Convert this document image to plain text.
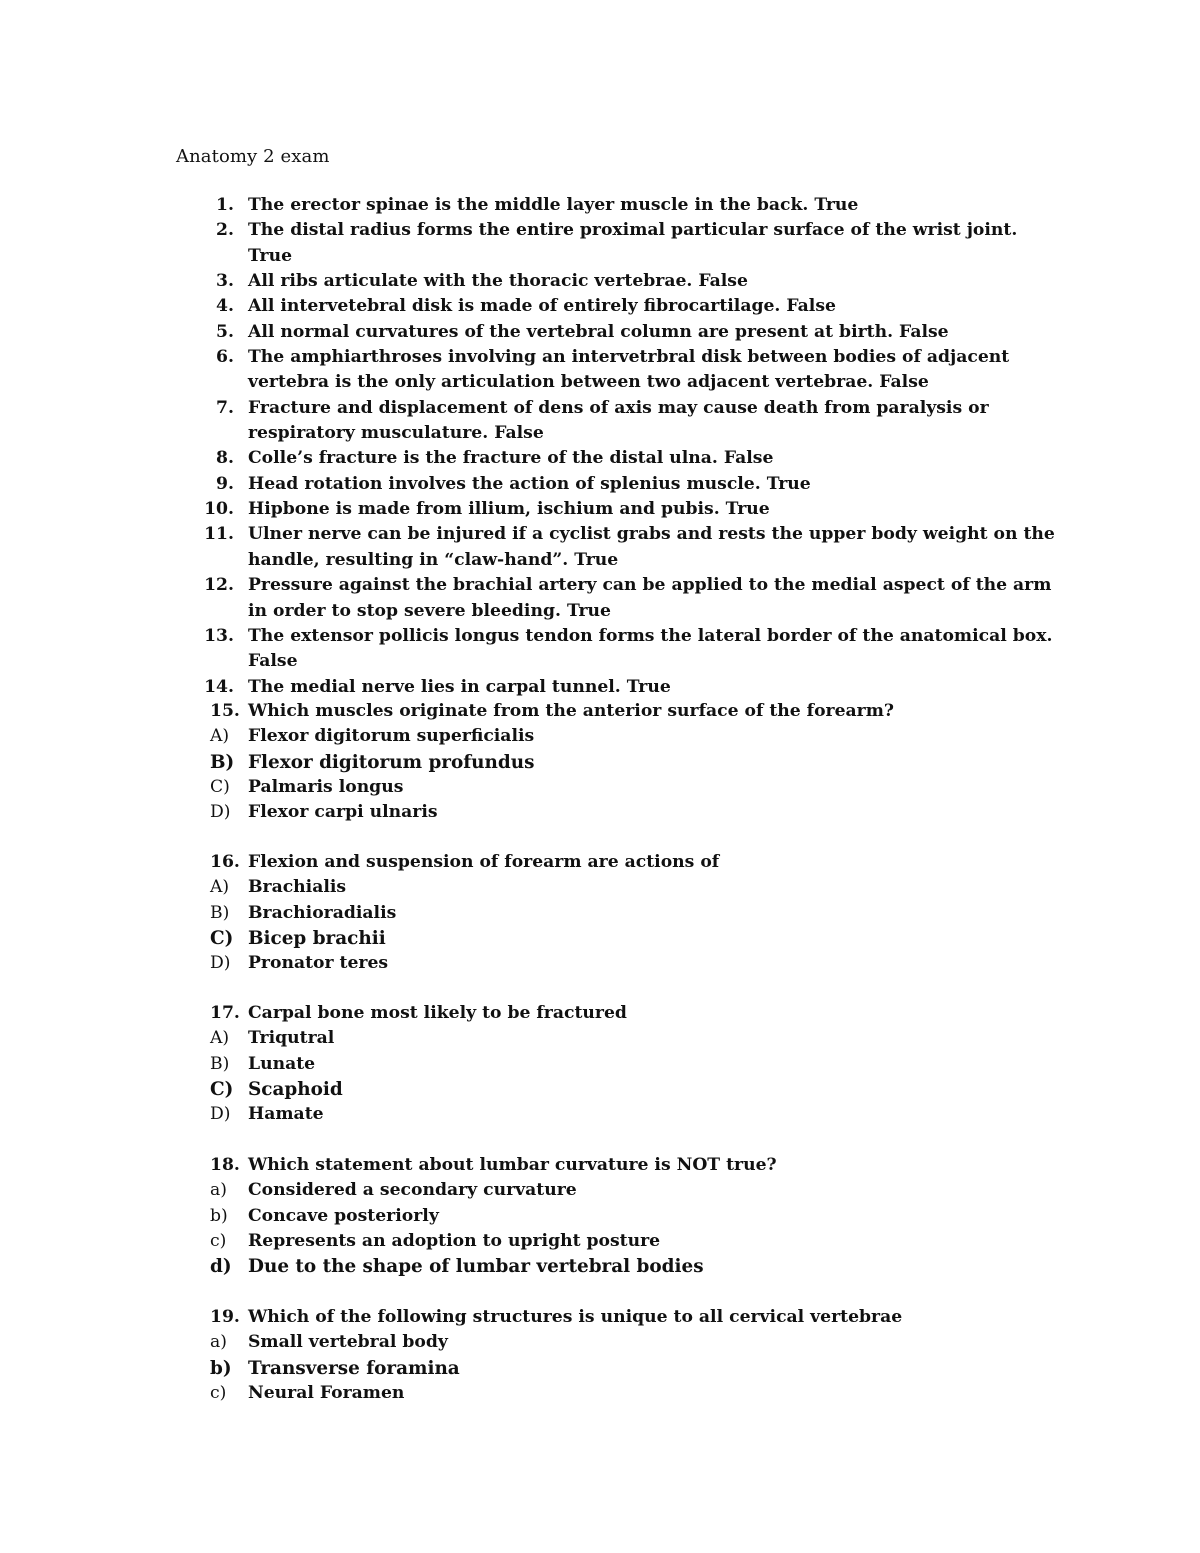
Anatomy 2 exam
1. The erector spinae is the middle layer muscle in the back. True
2. The distal radius forms the entire proximal particular surface of the wrist joint. True
3. All ribs articulate with the thoracic vertebrae. False
4. All intervetebral disk is made of entirely fibrocartilage. False
5. All normal curvatures of the vertebral column are present at birth. False
6. The amphiarthroses involving an intervetrbral disk between bodies of adjacent vertebra is the only articulation between two adjacent vertebrae. False
7. Fracture and displacement of dens of axis may cause death from paralysis or respiratory musculature. False
8. Colle’s fracture is the fracture of the distal ulna. False
9. Head rotation involves the action of splenius muscle. True
10. Hipbone is made from illium, ischium and pubis. True
11. Ulner nerve can be injured if a cyclist grabs and rests the upper body weight on the handle, resulting in “claw-hand”. True
12. Pressure against the brachial artery can be applied to the medial aspect of the arm in order to stop severe bleeding. True
13. The extensor pollicis longus tendon forms the lateral border of the anatomical box. False
14. The medial nerve lies in carpal tunnel. True
15. Which muscles originate from the anterior surface of the forearm?
A)	Flexor digitorum superficialis
B) Flexor digitorum profundus
C)	Palmaris longus
D)	Flexor carpi ulnaris
16. Flexion and suspension of forearm are actions of
A)	Brachialis
B)	Brachioradialis
C) Bicep brachii
D)	Pronator teres
17. Carpal bone most likely to be fractured
A)	Triqutral
B)	Lunate
C) Scaphoid
D)	Hamate
18. Which statement about lumbar curvature is NOT true?
a)	Considered a secondary curvature
b)	Concave posteriorly
c)	Represents an adoption to upright posture
d) Due to the shape of lumbar vertebral bodies
19. Which of the following structures is unique to all cervical vertebrae
a)	Small vertebral body
b) Transverse foramina
c)	Neural Foramen
